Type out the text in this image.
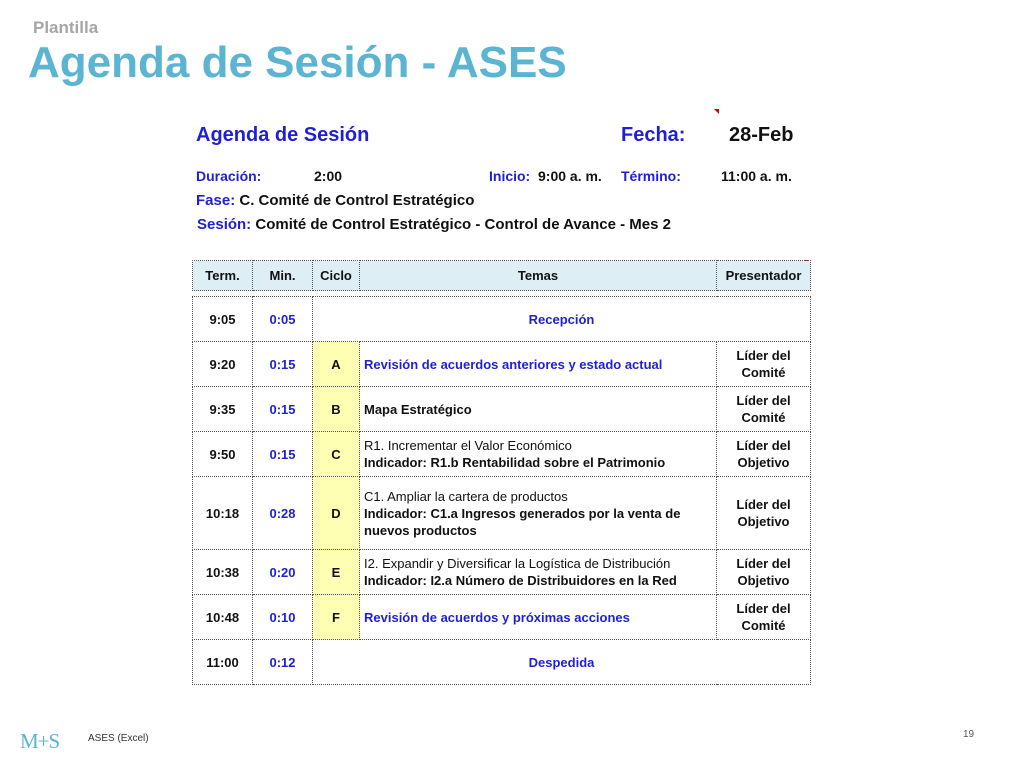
Plantilla
Agenda de Sesión - ASES
Agenda de Sesión	Fecha: 28-Feb
Duración:	2:00	Inicio: 9:00 a. m. Término:	11:00 a. m.
Fase: C. Comité de Control Estratégico
Sesión: Comité de Control Estratégico - Control de Avance - Mes 2
Term.	Min.	Ciclo	Temas	Presentador
9:05	0:05	Recepción		
9:20	0:15	A	Revisión de acuerdos anteriores y estado actual	Líder del
Comité
9:35	0:15	B	Mapa Estratégico	Líder del
Comité
9:50	0:15	C	R1. Incrementar el Valor Económico
Indicador: R1.b Rentabilidad sobre el Patrimonio	Líder del
Objetivo
10:18	0:28	D	C1. Ampliar la cartera de productos
Indicador: C1.a Ingresos generados por la venta de nuevos productos	Líder del
Objetivo
10:38	0:20	E	I2. Expandir y Diversificar la Logística de Distribución
Indicador: I2.a Número de Distribuidores en la Red	Líder del
Objetivo
10:48	0:10	F	Revisión de acuerdos y próximas acciones	Líder del
Comité
11:00	0:12	Despedida		
M+S	ASES (Excel)	19
